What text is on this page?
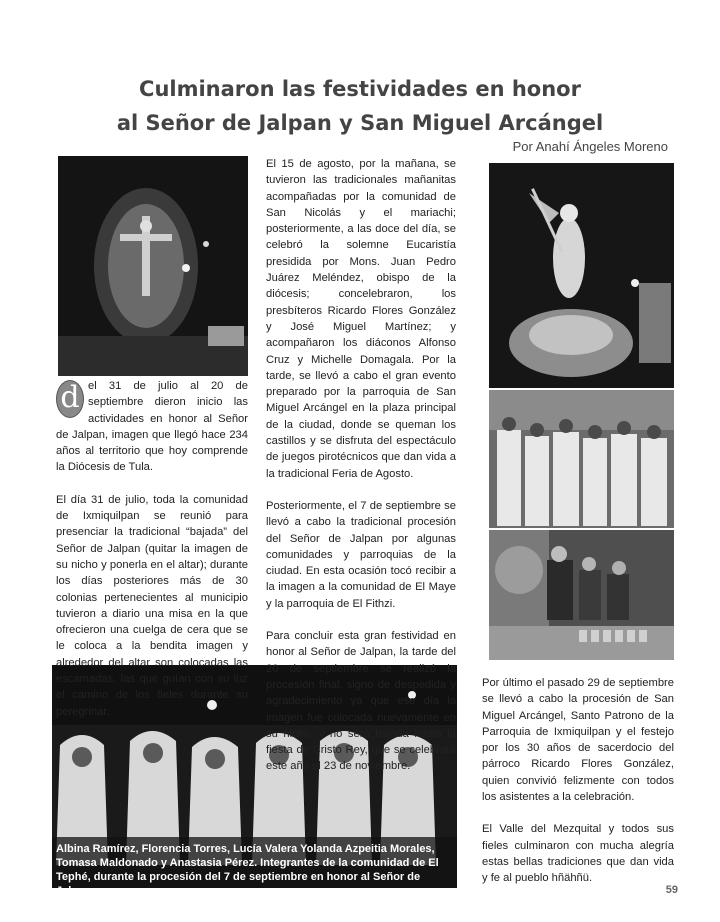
Culminaron las festividades en honor
al Señor de Jalpan y San Miguel Arcángel
Por Anahí Ángeles Moreno
Albina Ramírez, Florencia Torres, Lucía Valera Yolanda Azpeitia Morales, Tomasa Maldonado y Anastasia Pérez. Integrantes de la comunidad de El Tephé, durante la procesión del 7 de septiembre en honor al Señor de Jalpan

d el 31 de julio al 20 de septiembre dieron inicio las actividades en honor al Señor de Jalpan, imagen que llegó hace 234 años al territorio que hoy comprende la Diócesis de Tula.

El día 31 de julio, toda la comunidad de Ixmiquilpan se reunió para presenciar la tradicional “bajada” del Señor de Jalpan (quitar la imagen de su nicho y ponerla en el altar); durante los días posteriores más de 30 colonias pertenecientes al municipio tuvieron a diario una misa en la que ofrecieron una cuelga de cera que se le coloca a la bendita imagen y alrededor del altar son colocadas las escamadas, las que guían con su luz el camino de los fieles durante su peregrinar.

El 15 de agosto, por la mañana, se tuvieron las tradicionales mañanitas acompañadas por la comunidad de San Nicolás y el mariachi; posteriormente, a las doce del día, se celebró la solemne Eucaristía presidida por Mons. Juan Pedro Juárez Meléndez, obispo de la diócesis; concelebraron, los presbíteros Ricardo Flores González y José Miguel Martínez; y acompañaron los diáconos Alfonso Cruz y Michelle Domagala. Por la tarde, se llevó a cabo el gran evento preparado por la parroquia de San Miguel Arcángel en la plaza principal de la ciudad, donde se queman los castillos y se disfruta del espectáculo de juegos pirotécnicos que dan vida a la tradicional Feria de Agosto.

Posteriormente, el 7 de septiembre se llevó a cabo la tradicional procesión del Señor de Jalpan por algunas comunidades y parroquias de la ciudad. En esta ocasión tocó recibir a la imagen a la comunidad de El Maye y la parroquia de El Fithzi.

Para concluir esta gran festividad en honor al Señor de Jalpan, la tarde del 20 de septiembre se realizó la procesión final, signo de despedida y agradecimiento ya que ese día la imagen fue colocada nuevamente en su nicho, y no será bajada hasta la fiesta de Cristo Rey, que se celebrará este año el 23 de noviembre.

Por último el pasado 29 de septiembre se llevó a cabo la procesión de San Miguel Arcángel, Santo Patrono de la Parroquia de Ixmiquilpan y el festejo por los 30 años de sacerdocio del párroco Ricardo Flores González, quien convivió felizmente con todos los asistentes a la celebración.

El Valle del Mezquital y todos sus fieles culminaron con mucha alegría estas bellas tradiciones que dan vida y fe al pueblo hñähñü.

59
